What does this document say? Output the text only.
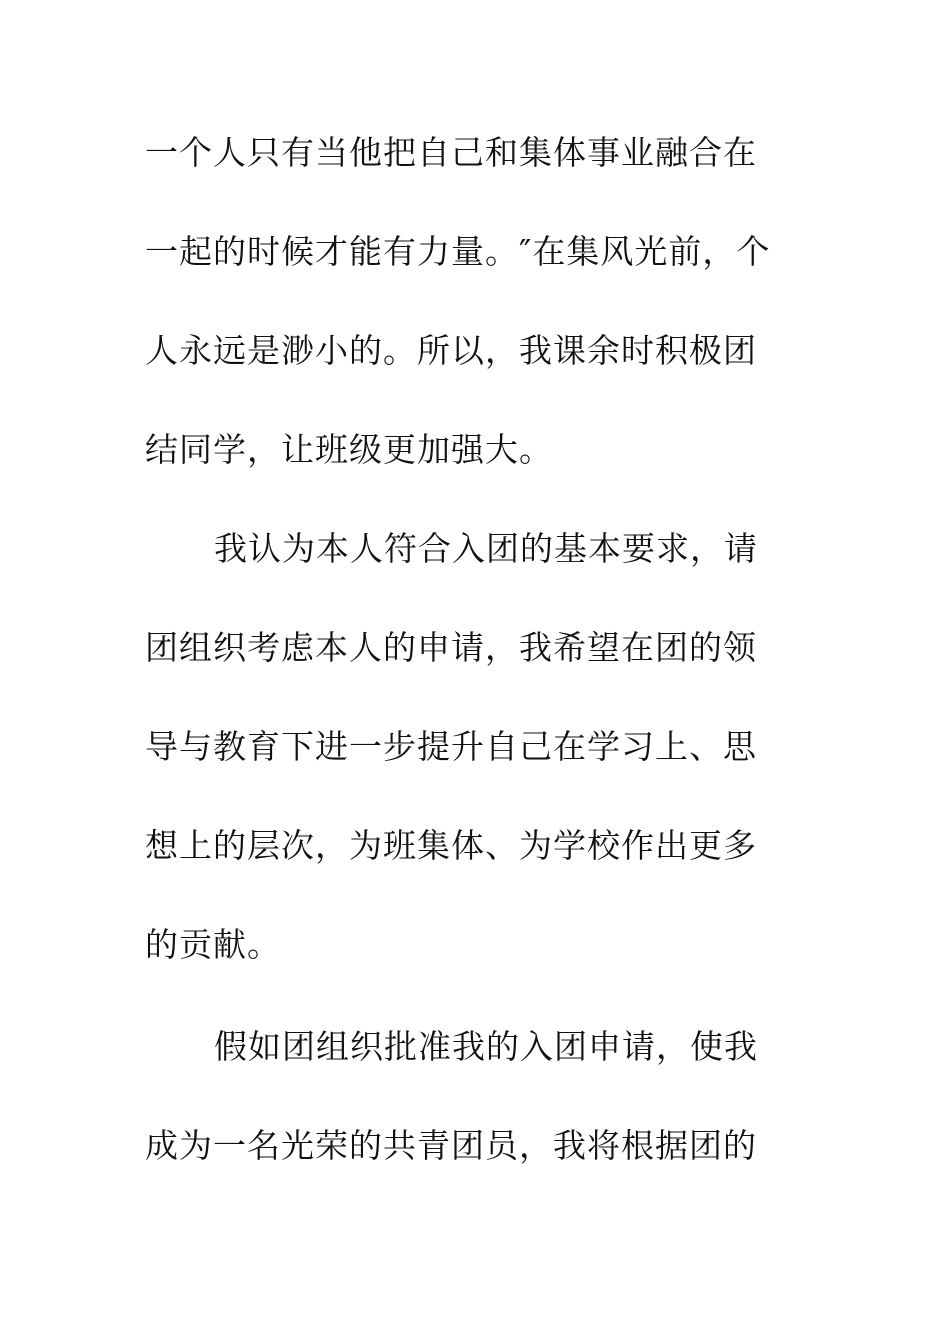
一个人只有当他把自己和集体事业融合在
一起的时候才能有力量。″在集风光前，个
人永远是渺小的。所以，我课余时积极团
结同学，让班级更加强大。
我认为本人符合入团的基本要求，请
团组织考虑本人的申请，我希望在团的领
导与教育下进一步提升自己在学习上、思
想上的层次，为班集体、为学校作出更多
的贡献。
假如团组织批准我的入团申请，使我
成为一名光荣的共青团员，我将根据团的
